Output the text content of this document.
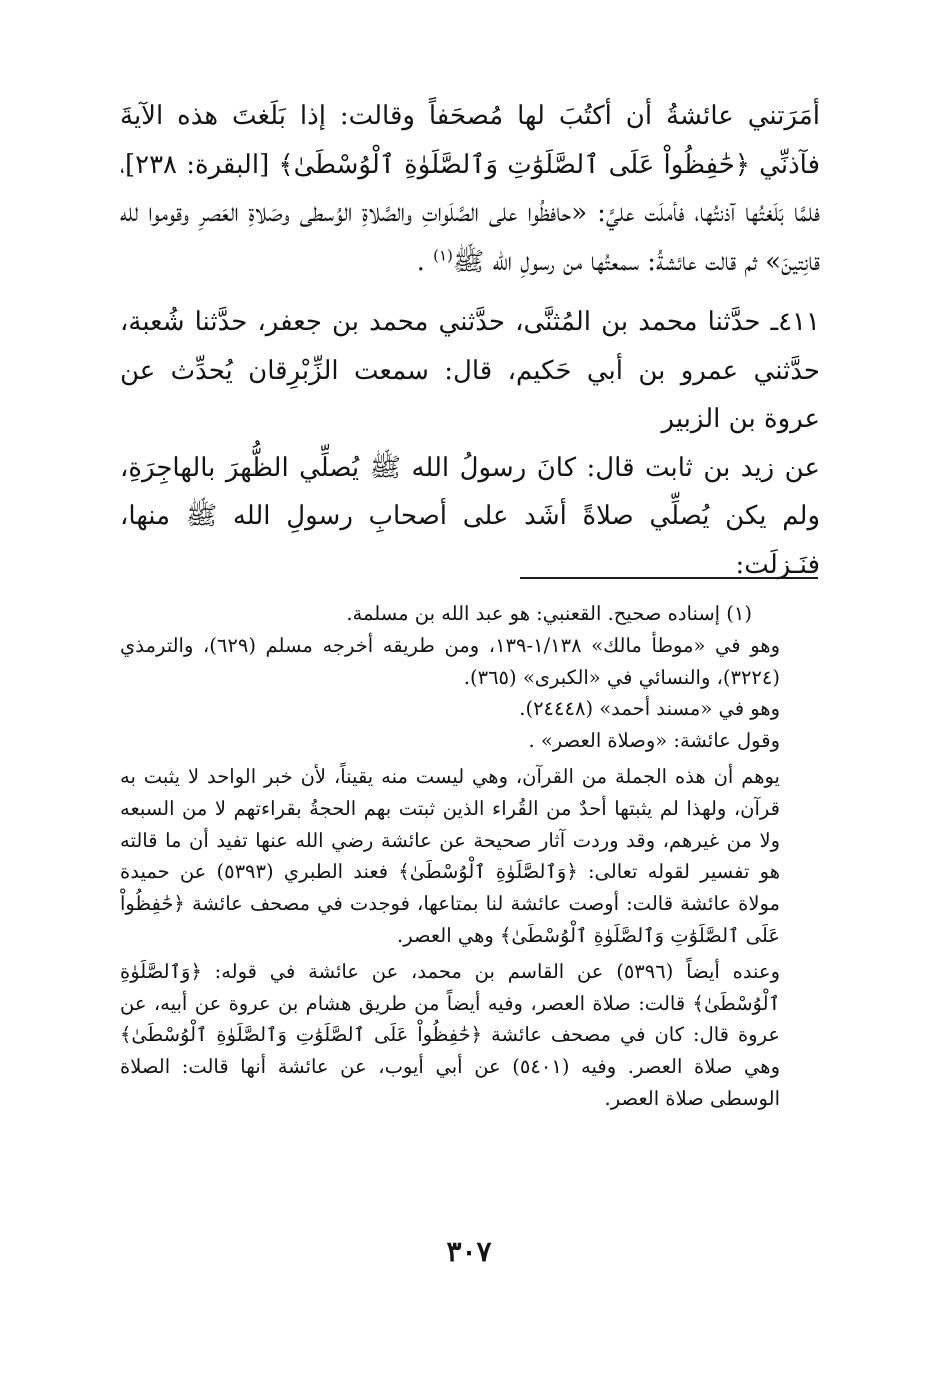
أمَرَتني عائشةُ أن أكتُبَ لها مُصحَفاً وقالت: إذا بَلَغتَ هذه الآيةَ فآذنِّي ﴿حَٰفِظُواْ عَلَى ٱلصَّلَوَٰتِ وَٱلصَّلَوٰةِ ٱلْوُسْطَىٰ﴾ [البقرة: ٢٣٨]، فلمَّا بَلَغتُها آذنتُها، فأملَت عليَّ: «حافظُوا على الصَّلَواتِ والصَّلاةِ الوُسطى وصَلاةِ العَصرِ وقوموا لله قانِتينَ» ثم قالت عائشةُ: سمعتُها من رسولِ الله ﷺ$^{(١)}$ .

٤١١ـ حدَّثنا محمد بن المُثنَّى، حدَّثني محمد بن جعفر، حدَّثنا شُعبة، حدَّثني عمرو بن أبي حَكيم، قال: سمعت الزِّبْرِقان يُحدِّث عن عروة بن الزبير

عن زيد بن ثابت قال: كانَ رسولُ الله ﷺ يُصلِّي الظُّهرَ بالهاجِرَةِ، ولم يكن يُصلِّي صلاةً أشَد على أصحابِ رسولِ الله ﷺ منها، فنَـزلَت:

(١) إسناده صحيح. القعنبي: هو عبد الله بن مسلمة.

وهو في «موطأ مالك» ١/١٣٨-١٣٩، ومن طريقه أخرجه مسلم (٦٢٩)، والترمذي (٣٢٢٤)، والنسائي في «الكبرى» (٣٦٥).

وهو في «مسند أحمد» (٢٤٤٤٨).

وقول عائشة: «وصلاة العصر» .

يوهم أن هذه الجملة من القرآن، وهي ليست منه يقيناً، لأن خبر الواحد لا يثبت به قرآن، ولهذا لم يثبتها أحدٌ من القُراء الذين ثبتت بهم الحجةُ بقراءتهم لا من السبعه ولا من غيرهم، وقد وردت آثار صحيحة عن عائشة رضي الله عنها تفيد أن ما قالته هو تفسير لقوله تعالى: ﴿وَٱلصَّلَوٰةِ ٱلْوُسْطَىٰ﴾ فعند الطبري (٥٣٩٣) عن حميدة مولاة عائشة قالت: أوصت عائشة لنا بمتاعها، فوجدت في مصحف عائشة ﴿حَٰفِظُواْ عَلَى ٱلصَّلَوَٰتِ وَٱلصَّلَوٰةِ ٱلْوُسْطَىٰ﴾ وهي العصر.

وعنده أيضاً (٥٣٩٦) عن القاسم بن محمد، عن عائشة في قوله: ﴿وَٱلصَّلَوٰةِ ٱلْوُسْطَىٰ﴾ قالت: صلاة العصر، وفيه أيضاً من طريق هشام بن عروة عن أبيه، عن عروة قال: كان في مصحف عائشة ﴿حَٰفِظُواْ عَلَى ٱلصَّلَوَٰتِ وَٱلصَّلَوٰةِ ٱلْوُسْطَىٰ﴾ وهي صلاة العصر. وفيه (٥٤٠١) عن أبي أيوب، عن عائشة أنها قالت: الصلاة الوسطى صلاة العصر.

٣٠٧
